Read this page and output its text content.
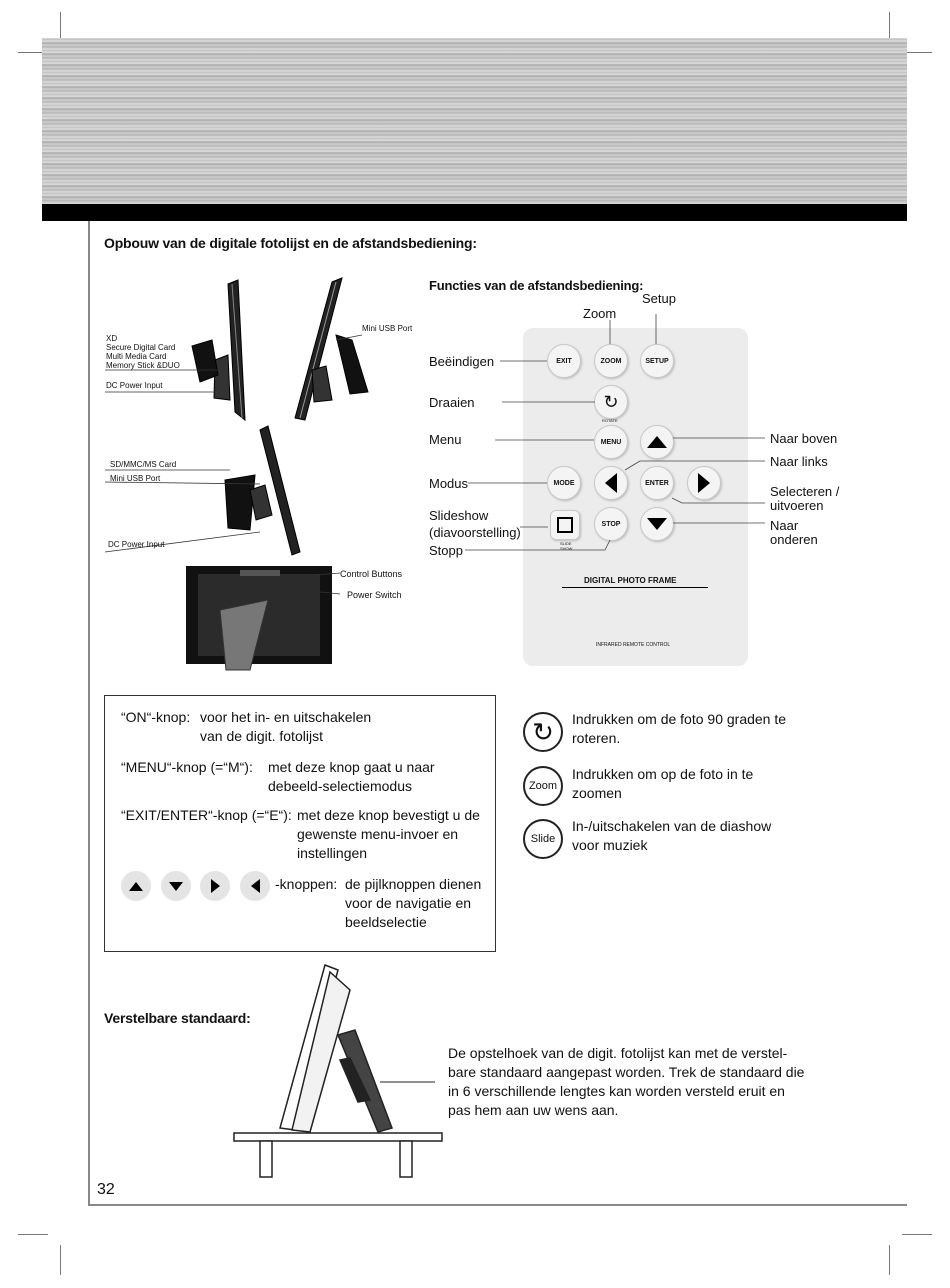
Opbouw van de digitale fotolijst en de afstandsbediening:
XD
Secure Digital Card
Multi Media Card
Memory Stick &DUO
DC Power Input
Mini USB Port
SD/MMC/MS Card
Mini USB Port
DC Power Input
Control Buttons
Power Switch
Functies van de afstandsbediening:
EXIT	ZOOM	SETUP
↻
ROTATE
MENU
MODE	ENTER
SLIDE
SHOW
STOP
DIGITAL PHOTO FRAME
INFRARED REMOTE CONTROL
Zoom
Setup
Beëindigen
Draaien
Menu
Modus
Slideshow
(diavoorstelling)
Stopp
Naar boven
Naar links
Selecteren /
uitvoeren
Naar
onderen
“ON“-knop: voor het in- en uitschakelen
van de digit. fotolijst
“MENU“-knop (=“M“): met deze knop gaat u naar
debeeld-selectiemodus
“EXIT/ENTER“-knop (=“E“): met deze knop bevestigt u de
gewenste menu-invoer en
instellingen
-knoppen: de pijlknoppen dienen
voor de navigatie en
beeldselectie
↻ Indrukken om de foto 90 graden te
roteren.
Zoom
Indrukken om op de foto in te
zoomen
Slide
In-/uitschakelen van de diashow
voor muziek
Verstelbare standaard:
De opstelhoek van de digit. fotolijst kan met de verstel-
bare standaard aangepast worden. Trek de standaard die
in 6 verschillende lengtes kan worden versteld eruit en
pas hem aan uw wens aan.
32
